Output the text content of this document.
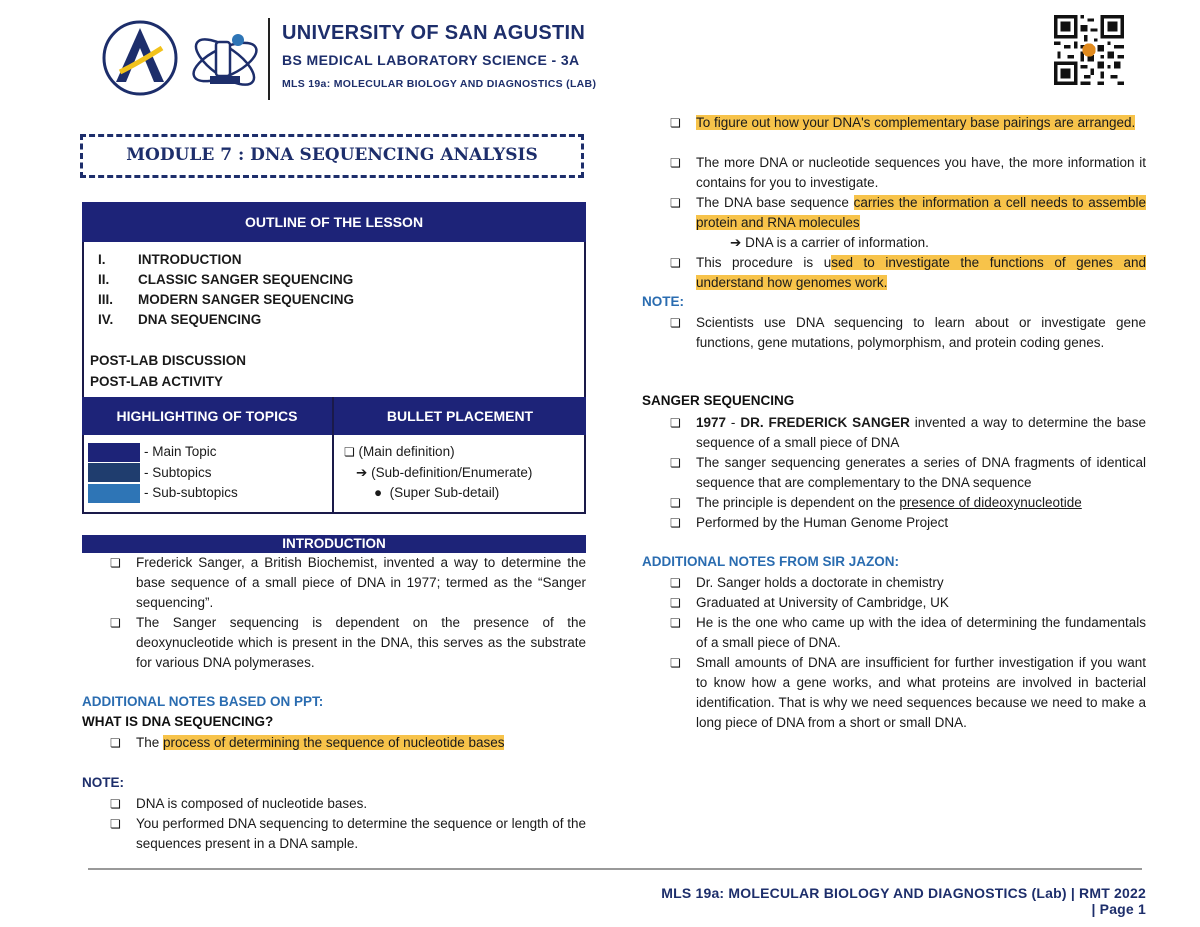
UNIVERSITY OF SAN AGUSTIN
BS MEDICAL LABORATORY SCIENCE - 3A
MLS 19a: MOLECULAR BIOLOGY AND DIAGNOSTICS (LAB)
MODULE 7 : DNA SEQUENCING ANALYSIS
OUTLINE OF THE LESSON
I.	INTRODUCTION
II.	CLASSIC SANGER SEQUENCING
III.	MODERN SANGER SEQUENCING
IV.	DNA SEQUENCING
POST-LAB DISCUSSION
POST-LAB ACTIVITY
HIGHLIGHTING OF TOPICS	BULLET PLACEMENT
- Main Topic
- Subtopics
- Sub-subtopics
❏ (Main definition)
➔ (Sub-definition/Enumerate)
● (Super Sub-detail)
INTRODUCTION
❏	Frederick Sanger, a British Biochemist, invented a way to determine the base sequence of a small piece of DNA in 1977; termed as the “Sanger sequencing”.
❏	The Sanger sequencing is dependent on the presence of the deoxynucleotide which is present in the DNA, this serves as the substrate for various DNA polymerases.
ADDITIONAL NOTES BASED ON PPT:
WHAT IS DNA SEQUENCING?
❏	The process of determining the sequence of nucleotide bases
NOTE:
❏	DNA is composed of nucleotide bases.
❏	You performed DNA sequencing to determine the sequence or length of the sequences present in a DNA sample.
❏	To figure out how your DNA's complementary base pairings are arranged.
❏	The more DNA or nucleotide sequences you have, the more information it contains for you to investigate.
❏	The DNA base sequence carries the information a cell needs to assemble protein and RNA molecules
➔ DNA is a carrier of information.
❏	This procedure is used to investigate the functions of genes and understand how genomes work.
NOTE:
❏	Scientists use DNA sequencing to learn about or investigate gene functions, gene mutations, polymorphism, and protein coding genes.
SANGER SEQUENCING
❏	1977 - DR. FREDERICK SANGER invented a way to determine the base sequence of a small piece of DNA
❏	The sanger sequencing generates a series of DNA fragments of identical sequence that are complementary to the DNA sequence
❏	The principle is dependent on the presence of dideoxynucleotide
❏	Performed by the Human Genome Project
ADDITIONAL NOTES FROM SIR JAZON:
❏	Dr. Sanger holds a doctorate in chemistry
❏	Graduated at University of Cambridge, UK
❏	He is the one who came up with the idea of determining the fundamentals of a small piece of DNA.
❏	Small amounts of DNA are insufficient for further investigation if you want to know how a gene works, and what proteins are involved in bacterial identification. That is why we need sequences because we need to make a long piece of DNA from a short or small DNA.
MLS 19a: MOLECULAR BIOLOGY AND DIAGNOSTICS (Lab) | RMT 2022 | Page 1
